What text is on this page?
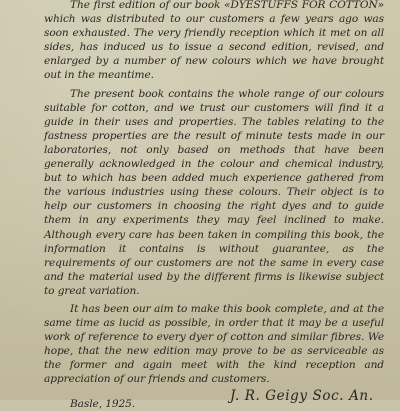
The first edition of our book «DYESTUFFS FOR COTTON» which was distributed to our customers a few years ago was soon exhausted. The very friendly reception which it met on all sides, has induced us to issue a second edition, revised, and enlarged by a number of new colours which we have brought out in the meantime.

The present book contains the whole range of our colours suitable for cotton, and we trust our customers will find it a guide in their uses and properties. The tables relating to the fastness properties are the result of minute tests made in our laboratories, not only based on methods that have been generally acknowledged in the colour and chemical industry, but to which has been added much experience gathered from the various industries using these colours. Their object is to help our customers in choosing the right dyes and to guide them in any experiments they may feel inclined to make. Although every care has been taken in compiling this book, the information it contains is without guarantee, as the requirements of our customers are not the same in every case and the material used by the different firms is likewise subject to great variation.

It has been our aim to make this book complete, and at the same time as lucid as possible, in order that it may be a useful work of reference to every dyer of cotton and similar fibres. We hope, that the new edition may prove to be as serviceable as the former and again meet with the kind reception and appreciation of our friends and customers.

Basle, 1925.	J. R. Geigy Soc. An.
